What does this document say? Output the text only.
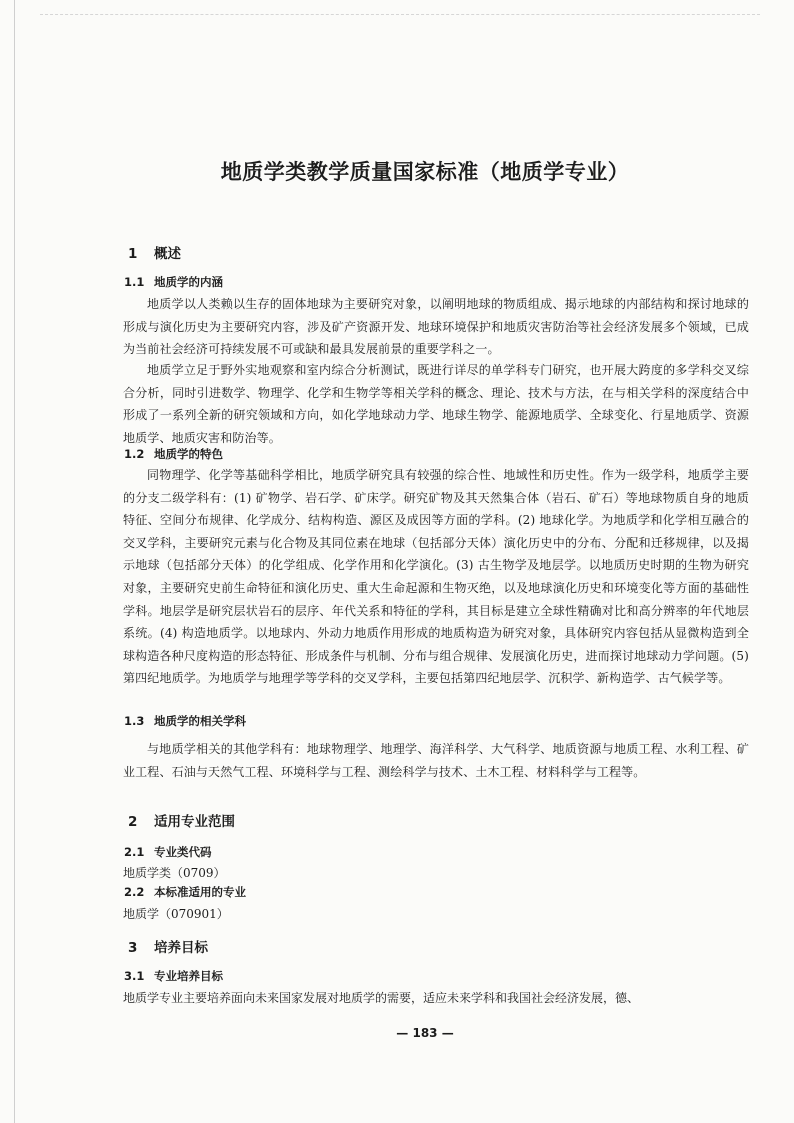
地质学类教学质量国家标准（地质学专业）
1 概述
1.1 地质学的内涵

地质学以人类赖以生存的固体地球为主要研究对象，以阐明地球的物质组成、揭示地球的内部结构和探讨地球的形成与演化历史为主要研究内容，涉及矿产资源开发、地球环境保护和地质灾害防治等社会经济发展多个领域，已成为当前社会经济可持续发展不可或缺和最具发展前景的重要学科之一。

地质学立足于野外实地观察和室内综合分析测试，既进行详尽的单学科专门研究，也开展大跨度的多学科交叉综合分析，同时引进数学、物理学、化学和生物学等相关学科的概念、理论、技术与方法，在与相关学科的深度结合中形成了一系列全新的研究领域和方向，如化学地球动力学、地球生物学、能源地质学、全球变化、行星地质学、资源地质学、地质灾害和防治等。

1.2 地质学的特色

同物理学、化学等基础科学相比，地质学研究具有较强的综合性、地域性和历史性。作为一级学科，地质学主要的分支二级学科有：(1) 矿物学、岩石学、矿床学。研究矿物及其天然集合体（岩石、矿石）等地球物质自身的地质特征、空间分布规律、化学成分、结构构造、源区及成因等方面的学科。(2) 地球化学。为地质学和化学相互融合的交叉学科，主要研究元素与化合物及其同位素在地球（包括部分天体）演化历史中的分布、分配和迁移规律，以及揭示地球（包括部分天体）的化学组成、化学作用和化学演化。(3) 古生物学及地层学。以地质历史时期的生物为研究对象，主要研究史前生命特征和演化历史、重大生命起源和生物灭绝，以及地球演化历史和环境变化等方面的基础性学科。地层学是研究层状岩石的层序、年代关系和特征的学科，其目标是建立全球性精确对比和高分辨率的年代地层系统。(4) 构造地质学。以地球内、外动力地质作用形成的地质构造为研究对象，具体研究内容包括从显微构造到全球构造各种尺度构造的形态特征、形成条件与机制、分布与组合规律、发展演化历史，进而探讨地球动力学问题。(5) 第四纪地质学。为地质学与地理学等学科的交叉学科，主要包括第四纪地层学、沉积学、新构造学、古气候学等。

1.3 地质学的相关学科

与地质学相关的其他学科有：地球物理学、地理学、海洋科学、大气科学、地质资源与地质工程、水利工程、矿业工程、石油与天然气工程、环境科学与工程、测绘科学与技术、土木工程、材料科学与工程等。

2 适用专业范围
2.1 专业类代码

地质学类（0709）

2.2 本标准适用的专业

地质学（070901）

3 培养目标
3.1 专业培养目标

地质学专业主要培养面向未来国家发展对地质学的需要，适应未来学科和我国社会经济发展，德、

— 183 —
